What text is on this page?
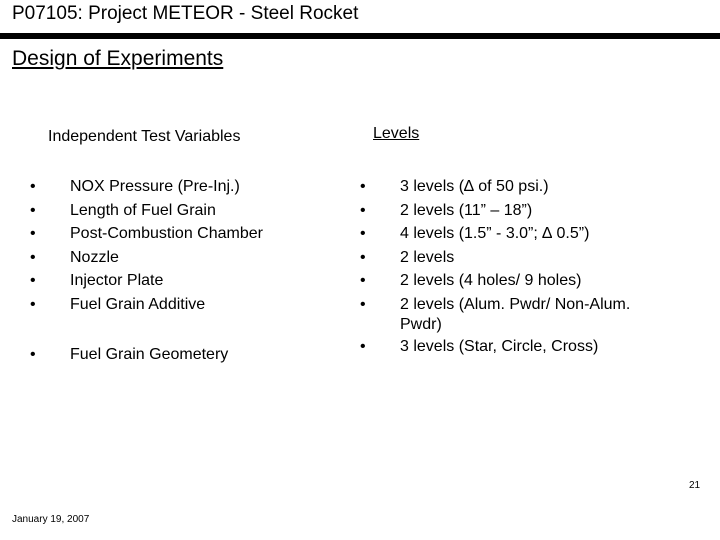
P07105: Project METEOR - Steel Rocket
Design of Experiments
Independent Test Variables	Levels
• NOX Pressure (Pre-Inj.)
• Length of Fuel Grain
• Post-Combustion Chamber
• Nozzle
• Injector Plate
• Fuel Grain Additive
• Fuel Grain Geometery
• 3 levels (∆ of 50 psi.)
• 2 levels (11” – 18”)
• 4 levels (1.5” - 3.0”; ∆ 0.5”)
• 2 levels
• 2 levels (4 holes/ 9 holes)
• 2 levels (Alum. Pwdr/ Non-Alum.
Pwdr)
• 3 levels (Star, Circle, Cross)
January 19, 2007
21
